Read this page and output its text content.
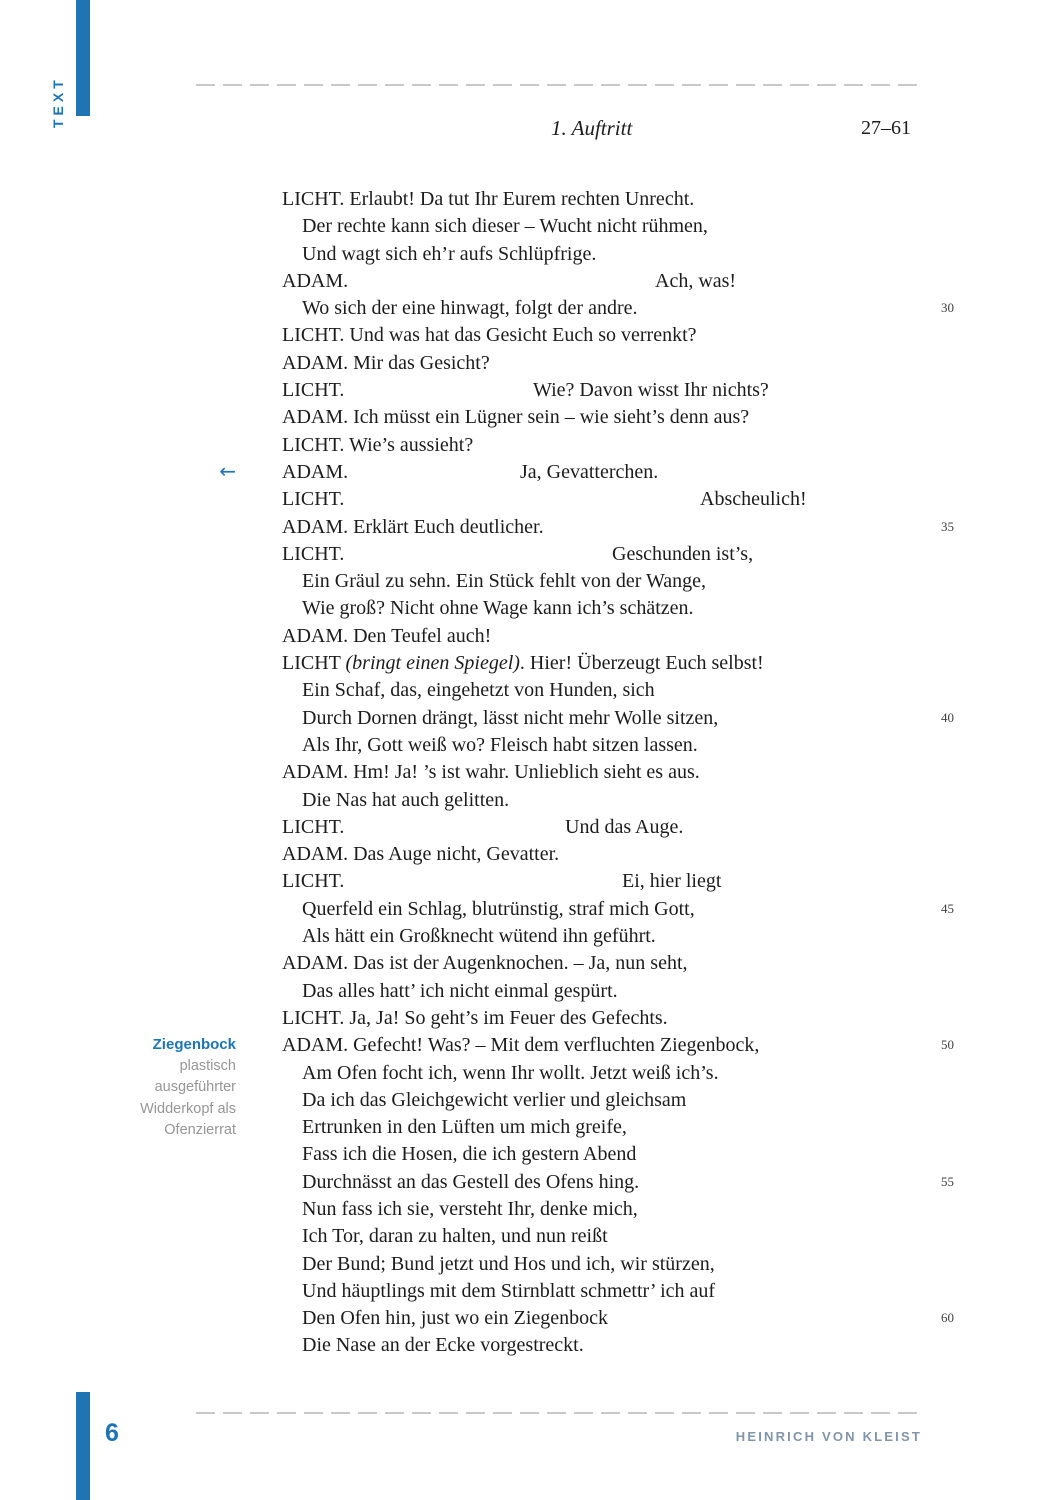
TEXT	1. Auftritt	27–61
LICHT. Erlaubt! Da tut Ihr Eurem rechten Unrecht.
Der rechte kann sich dieser – Wucht nicht rühmen,
Und wagt sich eh’r aufs Schlüpfrige.
ADAM.	Ach, was!
Wo sich der eine hinwagt, folgt der andre.	30
LICHT. Und was hat das Gesicht Euch so verrenkt?
ADAM. Mir das Gesicht?
LICHT.	Wie? Davon wisst Ihr nichts?
ADAM. Ich müsst ein Lügner sein – wie sieht’s denn aus?
LICHT. Wie’s aussieht?
ADAM.	Ja, Gevatterchen.
←
LICHT.	Abscheulich!
ADAM. Erklärt Euch deutlicher.	35
LICHT.	Geschunden ist’s,
Ein Gräul zu sehn. Ein Stück fehlt von der Wange,
Wie groß? Nicht ohne Wage kann ich’s schätzen.
ADAM. Den Teufel auch!
LICHT (bringt einen Spiegel). Hier! Überzeugt Euch selbst!
Ein Schaf, das, eingehetzt von Hunden, sich
Durch Dornen drängt, lässt nicht mehr Wolle sitzen,	40
Als Ihr, Gott weiß wo? Fleisch habt sitzen lassen.
ADAM. Hm! Ja! ’s ist wahr. Unlieblich sieht es aus.
Die Nas hat auch gelitten.
LICHT.	Und das Auge.
ADAM. Das Auge nicht, Gevatter.
LICHT.	Ei, hier liegt
Querfeld ein Schlag, blutrünstig, straf mich Gott,	45
Als hätt ein Großknecht wütend ihn geführt.
ADAM. Das ist der Augenknochen. – Ja, nun seht,
Das alles hatt’ ich nicht einmal gespürt.
LICHT. Ja, Ja! So geht’s im Feuer des Gefechts.
ADAM. Gefecht! Was? – Mit dem verfluchten Ziegenbock,	50
Ziegenbock
plastisch
ausgeführter
Widderkopf als
Ofenzierrat
Am Ofen focht ich, wenn Ihr wollt. Jetzt weiß ich’s.
Da ich das Gleichgewicht verlier und gleichsam
Ertrunken in den Lüften um mich greife,
Fass ich die Hosen, die ich gestern Abend
Durchnässt an das Gestell des Ofens hing.	55
Nun fass ich sie, versteht Ihr, denke mich,
Ich Tor, daran zu halten, und nun reißt
Der Bund; Bund jetzt und Hos und ich, wir stürzen,
Und häuptlings mit dem Stirnblatt schmettr’ ich auf
Den Ofen hin, just wo ein Ziegenbock	60
Die Nase an der Ecke vorgestreckt.
6	HEINRICH VON KLEIST
